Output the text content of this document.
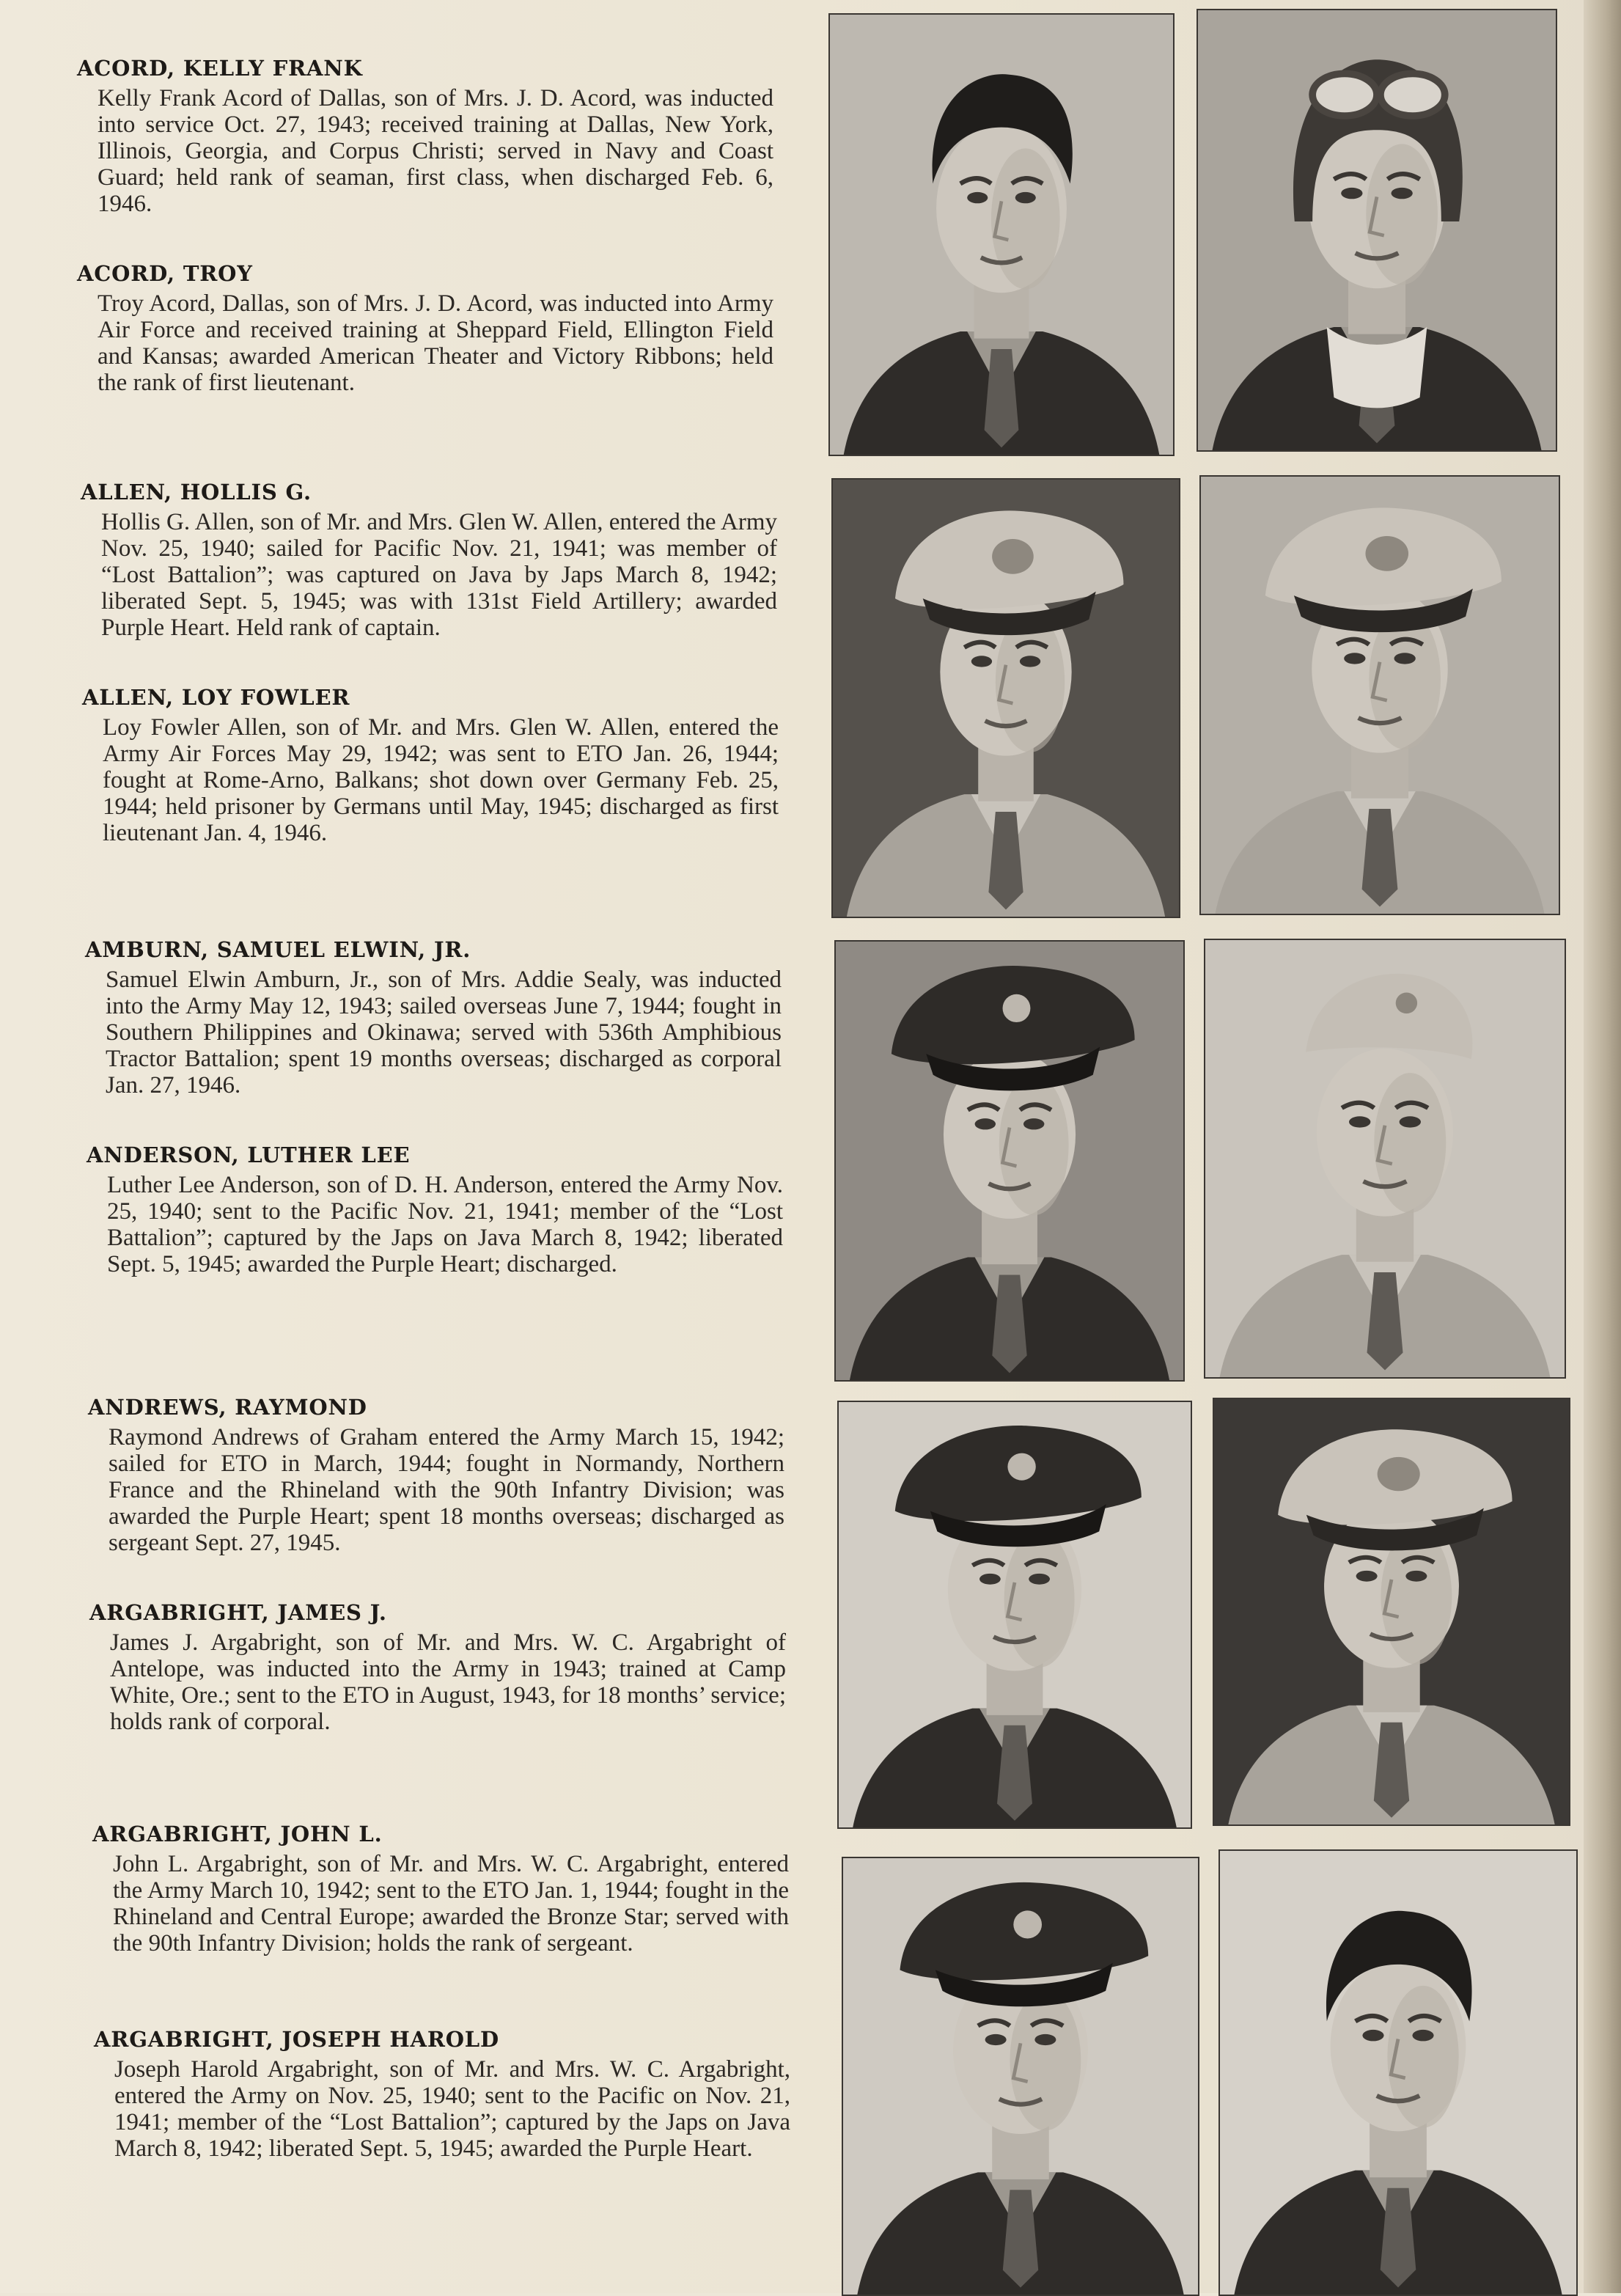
ACORD, KELLY FRANK

Kelly Frank Acord of Dallas, son of Mrs. J. D. Acord, was inducted into service Oct. 27, 1943; received training at Dallas, New York, Illinois, Georgia, and Corpus Christi; served in Navy and Coast Guard; held rank of seaman, first class, when discharged Feb. 6, 1946.

ACORD, TROY

Troy Acord, Dallas, son of Mrs. J. D. Acord, was inducted into Army Air Force and received training at Sheppard Field, Ellington Field and Kansas; awarded American Theater and Victory Ribbons; held the rank of first lieutenant.

ALLEN, HOLLIS G.

Hollis G. Allen, son of Mr. and Mrs. Glen W. Allen, entered the Army Nov. 25, 1940; sailed for Pacific Nov. 21, 1941; was member of “Lost Battalion”; was captured on Java by Japs March 8, 1942; liberated Sept. 5, 1945; was with 131st Field Artillery; awarded Purple Heart. Held rank of captain.

ALLEN, LOY FOWLER

Loy Fowler Allen, son of Mr. and Mrs. Glen W. Allen, entered the Army Air Forces May 29, 1942; was sent to ETO Jan. 26, 1944; fought at Rome-Arno, Balkans; shot down over Germany Feb. 25, 1944; held prisoner by Germans until May, 1945; discharged as first lieutenant Jan. 4, 1946.

AMBURN, SAMUEL ELWIN, JR.

Samuel Elwin Amburn, Jr., son of Mrs. Addie Sealy, was inducted into the Army May 12, 1943; sailed overseas June 7, 1944; fought in Southern Philippines and Okinawa; served with 536th Amphibious Tractor Battalion; spent 19 months overseas; discharged as corporal Jan. 27, 1946.

ANDERSON, LUTHER LEE

Luther Lee Anderson, son of D. H. Anderson, entered the Army Nov. 25, 1940; sent to the Pacific Nov. 21, 1941; member of the “Lost Battalion”; captured by the Japs on Java March 8, 1942; liberated Sept. 5, 1945; awarded the Purple Heart; discharged.

ANDREWS, RAYMOND

Raymond Andrews of Graham entered the Army March 15, 1942; sailed for ETO in March, 1944; fought in Normandy, Northern France and the Rhineland with the 90th Infantry Division; was awarded the Purple Heart; spent 18 months overseas; discharged as sergeant Sept. 27, 1945.

ARGABRIGHT, JAMES J.

James J. Argabright, son of Mr. and Mrs. W. C. Argabright of Antelope, was inducted into the Army in 1943; trained at Camp White, Ore.; sent to the ETO in August, 1943, for 18 months’ service; holds rank of corporal.

ARGABRIGHT, JOHN L.

John L. Argabright, son of Mr. and Mrs. W. C. Argabright, entered the Army March 10, 1942; sent to the ETO Jan. 1, 1944; fought in the Rhineland and Central Europe; awarded the Bronze Star; served with the 90th Infantry Division; holds the rank of sergeant.

ARGABRIGHT, JOSEPH HAROLD

Joseph Harold Argabright, son of Mr. and Mrs. W. C. Argabright, entered the Army on Nov. 25, 1940; sent to the Pacific on Nov. 21, 1941; member of the “Lost Battalion”; captured by the Japs on Java March 8, 1942; liberated Sept. 5, 1945; awarded the Purple Heart.
